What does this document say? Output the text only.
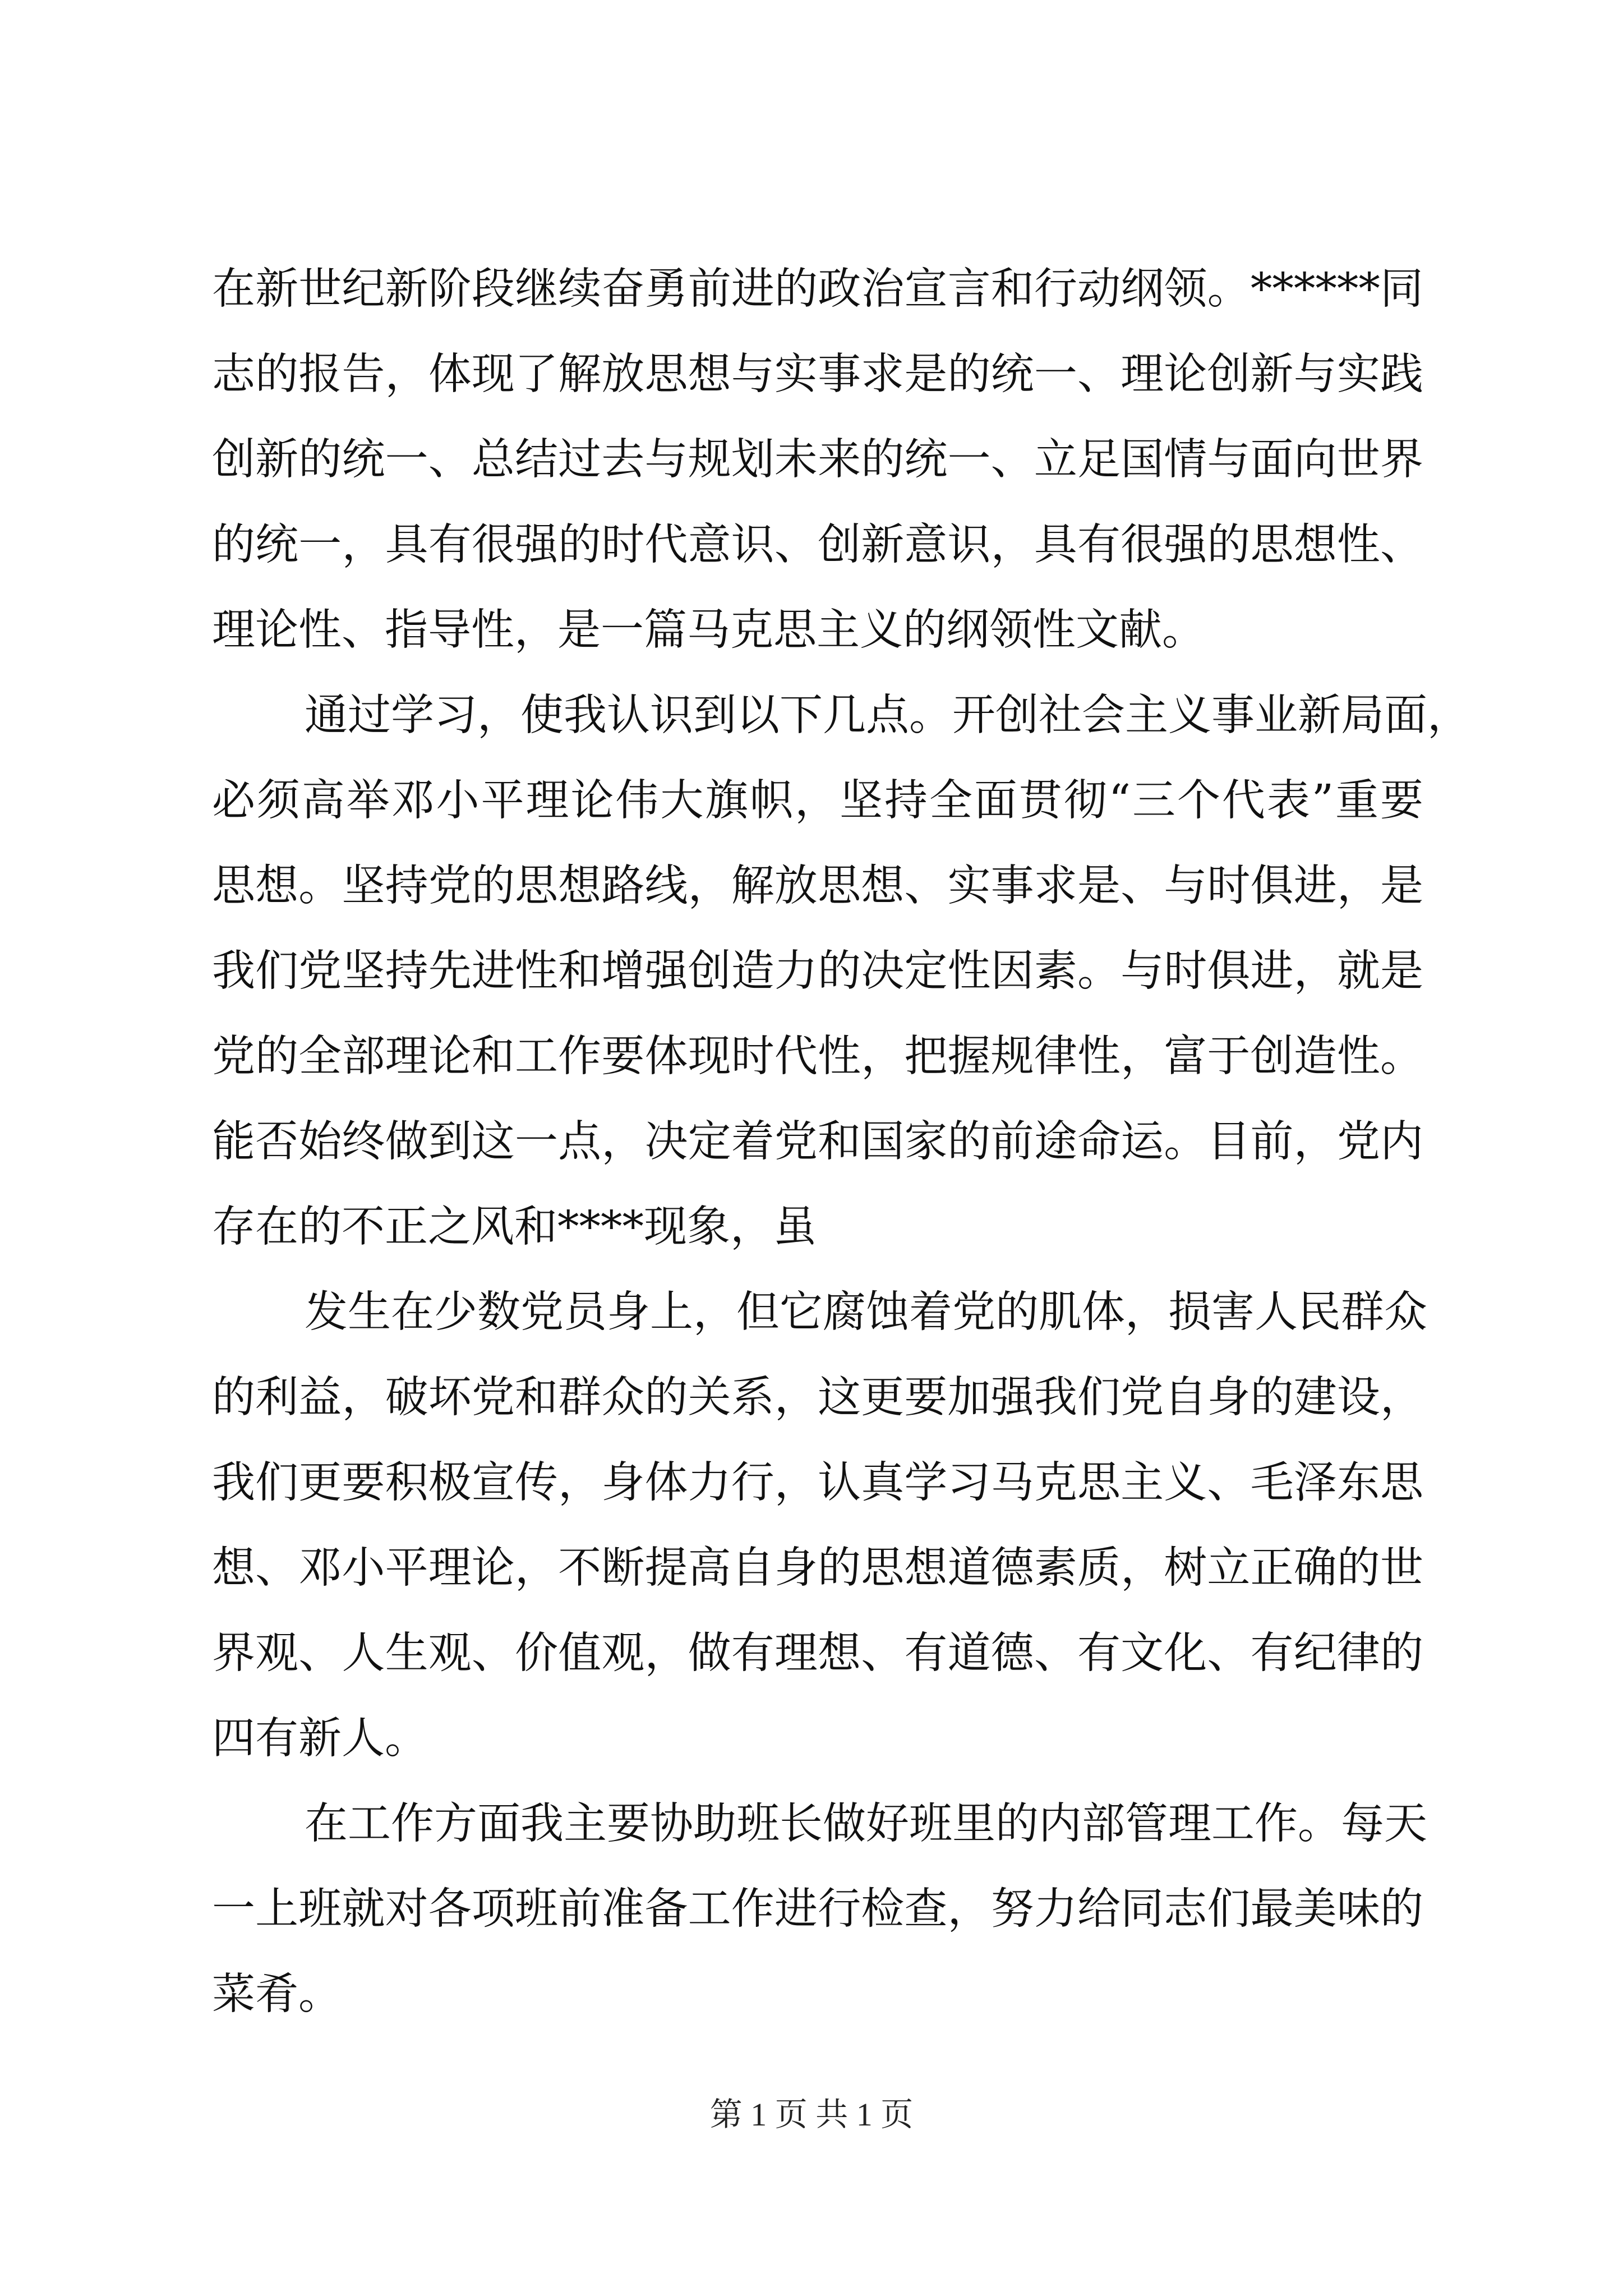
在新世纪新阶段继续奋勇前进的政治宣言和行动纲领。******同
志的报告，体现了解放思想与实事求是的统一、理论创新与实践
创新的统一、总结过去与规划未来的统一、立足国情与面向世界
的统一，具有很强的时代意识、创新意识，具有很强的思想性、
理论性、指导性，是一篇马克思主义的纲领性文献。
通过学习，使我认识到以下几点。开创社会主义事业新局面，
必须高举邓小平理论伟大旗帜，坚持全面贯彻“三个代表”重要
思想。坚持党的思想路线，解放思想、实事求是、与时俱进，是
我们党坚持先进性和增强创造力的决定性因素。与时俱进，就是
党的全部理论和工作要体现时代性，把握规律性，富于创造性。
能否始终做到这一点，决定着党和国家的前途命运。目前，党内
存在的不正之风和****现象，虽
发生在少数党员身上，但它腐蚀着党的肌体，损害人民群众
的利益，破坏党和群众的关系，这更要加强我们党自身的建设，
我们更要积极宣传，身体力行，认真学习马克思主义、毛泽东思
想、邓小平理论，不断提高自身的思想道德素质，树立正确的世
界观、人生观、价值观，做有理想、有道德、有文化、有纪律的
四有新人。
在工作方面我主要协助班长做好班里的内部管理工作。每天
一上班就对各项班前准备工作进行检查，努力给同志们最美味的
菜肴。
第 1 页 共 1 页
